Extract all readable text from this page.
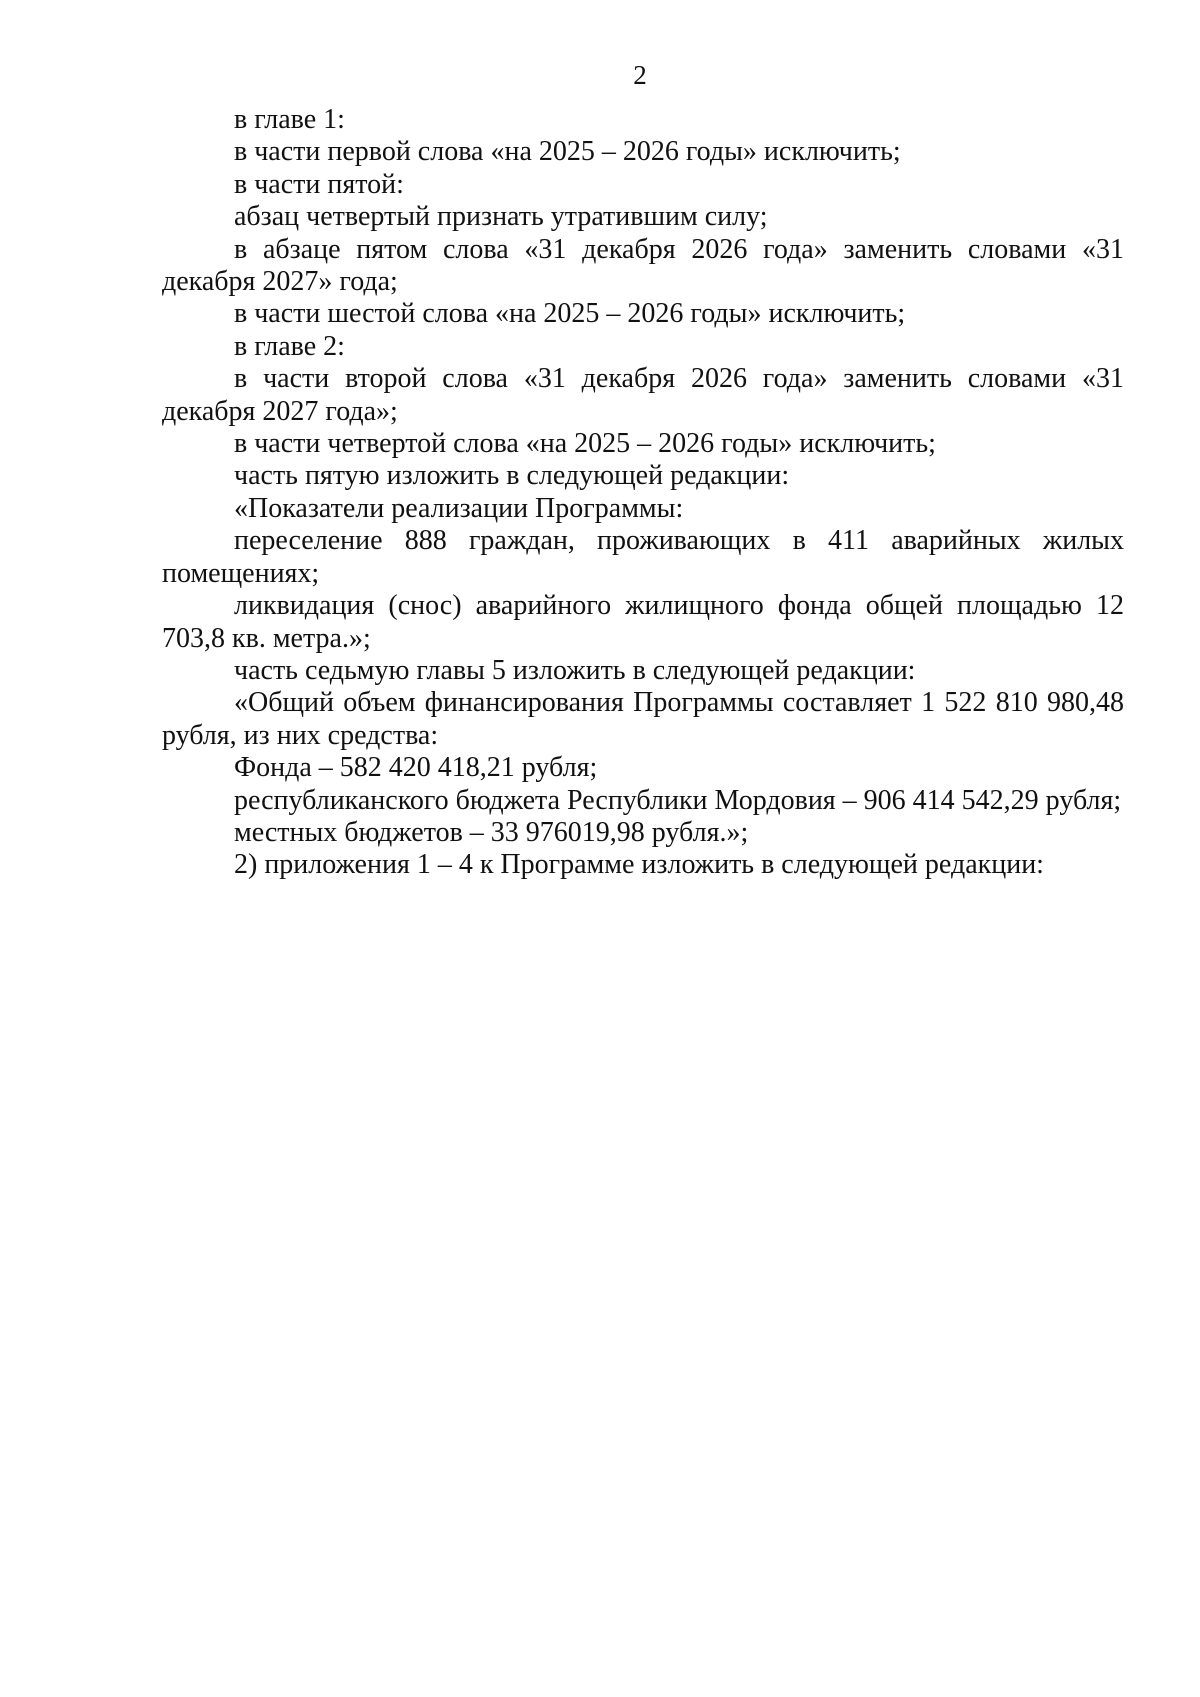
2

в главе 1:

в части первой слова «на 2025 – 2026 годы» исключить;

в части пятой:

абзац четвертый признать утратившим силу;

в абзаце пятом слова «31 декабря 2026 года» заменить словами «31 декабря 2027» года;

в части шестой слова «на 2025 – 2026 годы» исключить;

в главе 2:

в части второй слова «31 декабря 2026 года» заменить словами «31 декабря 2027 года»;

в части четвертой слова «на 2025 – 2026 годы» исключить;

часть пятую изложить в следующей редакции:

«Показатели реализации Программы:

переселение 888 граждан, проживающих в 411 аварийных жилых помещениях;

ликвидация (снос) аварийного жилищного фонда общей площадью 12 703,8 кв. метра.»;

часть седьмую главы 5 изложить в следующей редакции:

«Общий объем финансирования Программы составляет 1 522 810 980,48 рубля, из них средства:

Фонда – 582 420 418,21 рубля;

республиканского бюджета Республики Мордовия – 906 414 542,29 рубля;

местных бюджетов – 33 976019,98 рубля.»;

2) приложения 1 – 4 к Программе изложить в следующей редакции:
